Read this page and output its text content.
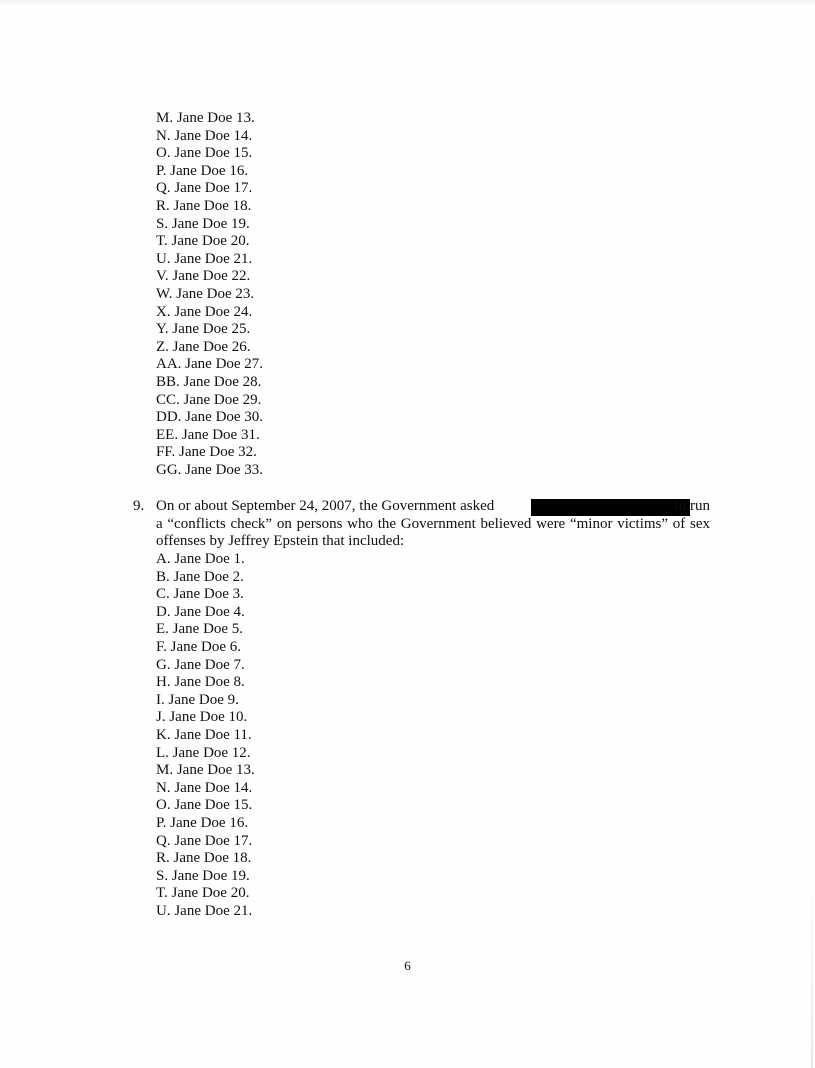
M. Jane Doe 13.
N. Jane Doe 14.
O. Jane Doe 15.
P. Jane Doe 16.
Q. Jane Doe 17.
R. Jane Doe 18.
S. Jane Doe 19.
T. Jane Doe 20.
U. Jane Doe 21.
V. Jane Doe 22.
W. Jane Doe 23.
X. Jane Doe 24.
Y. Jane Doe 25.
Z. Jane Doe 26.
AA. Jane Doe 27.
BB. Jane Doe 28.
CC. Jane Doe 29.
DD. Jane Doe 30.
EE. Jane Doe 31.
FF. Jane Doe 32.
GG. Jane Doe 33.
9. On or about September 24, 2007, the Government asked	to run
a “conflicts check” on persons who the Government believed were “minor victims” of sex offenses by Jeffrey Epstein that included:
A. Jane Doe 1.
B. Jane Doe 2.
C. Jane Doe 3.
D. Jane Doe 4.
E. Jane Doe 5.
F. Jane Doe 6.
G. Jane Doe 7.
H. Jane Doe 8.
I. Jane Doe 9.
J. Jane Doe 10.
K. Jane Doe 11.
L. Jane Doe 12.
M. Jane Doe 13.
N. Jane Doe 14.
O. Jane Doe 15.
P. Jane Doe 16.
Q. Jane Doe 17.
R. Jane Doe 18.
S. Jane Doe 19.
T. Jane Doe 20.
U. Jane Doe 21.
6
